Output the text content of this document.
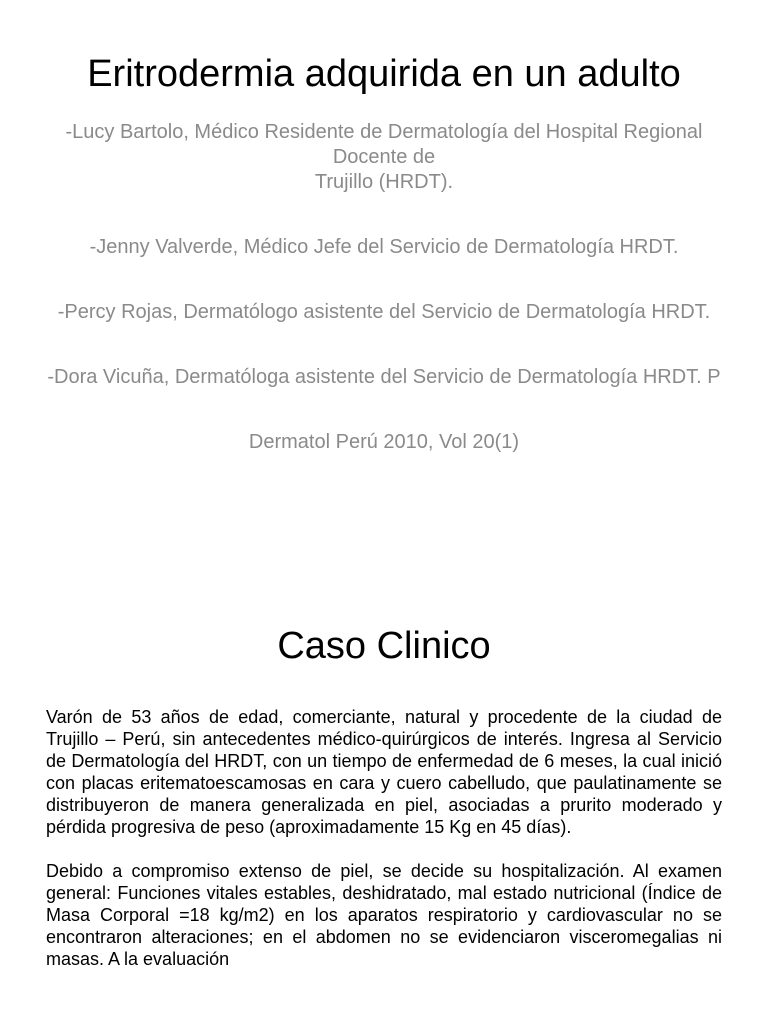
Eritrodermia adquirida en un adulto
-Lucy Bartolo, Médico Residente de Dermatología del Hospital Regional Docente de
Trujillo (HRDT).
-Jenny Valverde, Médico Jefe del Servicio de Dermatología HRDT.
-Percy Rojas, Dermatólogo asistente del Servicio de Dermatología HRDT.
-Dora Vicuña, Dermatóloga asistente del Servicio de Dermatología HRDT. P

Dermatol Perú 2010, Vol 20(1)

Caso Clinico

Varón de 53 años de edad, comerciante, natural y procedente de la ciudad de Trujillo – Perú, sin antecedentes médico-quirúrgicos de interés. Ingresa al Servicio de Dermatología del HRDT, con un tiempo de enfermedad de 6 meses, la cual inició con placas eritematoescamosas en cara y cuero cabelludo, que paulatinamente se distribuyeron de manera generalizada en piel, asociadas a prurito moderado y pérdida progresiva de peso (aproximadamente 15 Kg en 45 días).

Debido a compromiso extenso de piel, se decide su hospitalización. Al examen general: Funciones vitales estables, deshidratado, mal estado nutricional (Índice de Masa Corporal =18 kg/m2) en los aparatos respiratorio y cardiovascular no se encontraron alteraciones; en el abdomen no se evidenciaron visceromegalias ni masas. A la evaluación
